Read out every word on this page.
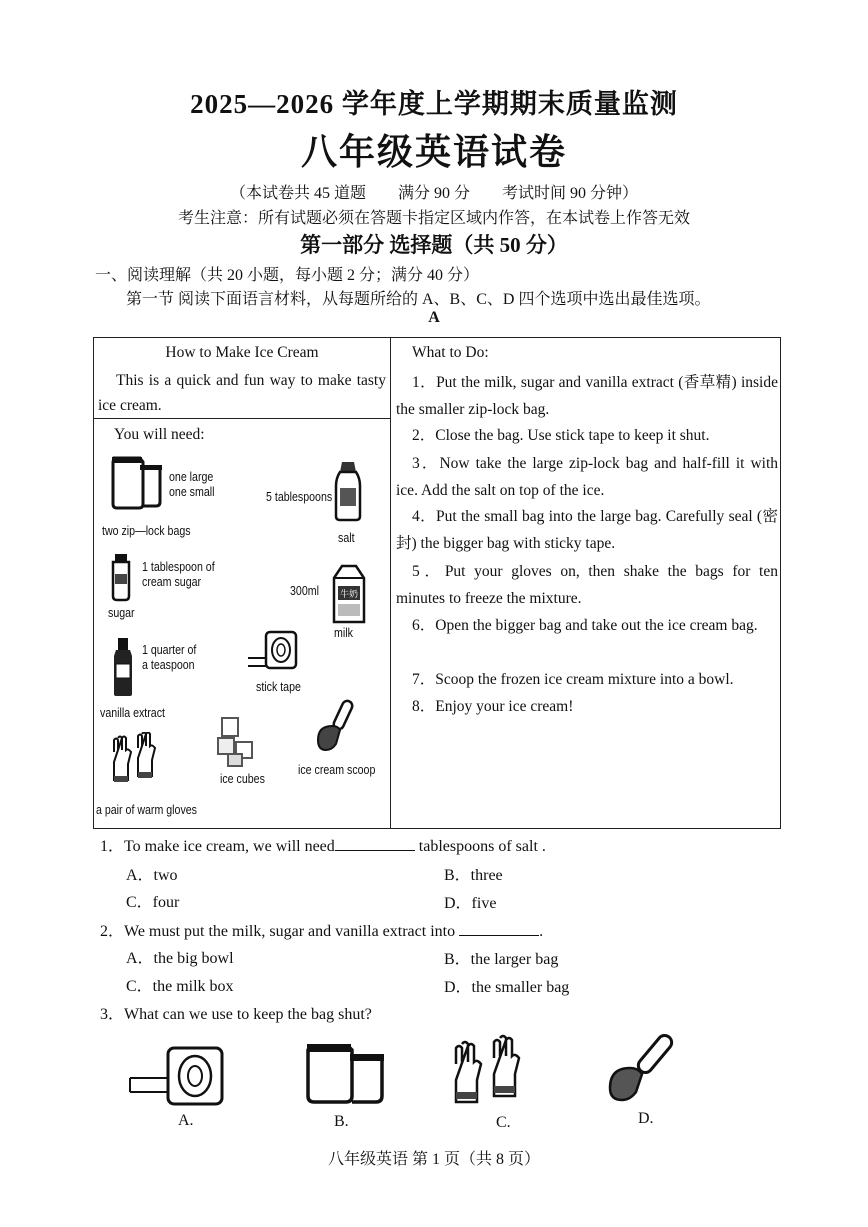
2025—2026 学年度上学期期末质量监测
八年级英语试卷
（本试卷共 45 道题 满分 90 分 考试时间 90 分钟）
考生注意：所有试题必须在答题卡指定区域内作答，在本试卷上作答无效
第一部分 选择题（共 50 分）
一、阅读理解（共 20 小题，每小题 2 分；满分 40 分）
第一节 阅读下面语言材料，从每题所给的 A、B、C、D 四个选项中选出最佳选项。
A
How to Make Ice Cream
This is a quick and fun way to make tasty ice cream.
You will need:
one large
one small
two zip—lock bags
5 tablespoons
salt
1 tablespoon of
cream sugar
sugar
牛奶
300ml
milk
1 quarter of
a teaspoon
vanilla extract
stick tape
a pair of warm gloves
ice cubes
ice cream scoop
What to Do:
1．Put the milk, sugar and vanilla extract (香草精) inside the smaller zip-lock bag.
2．Close the bag. Use stick tape to keep it shut.
3．Now take the large zip-lock bag and half-fill it with ice. Add the salt on top of the ice.
4．Put the small bag into the large bag. Carefully seal (密封) the bigger bag with sticky tape.
5．Put your gloves on, then shake the bags for ten minutes to freeze the mixture.
6．Open the bigger bag and take out the ice cream bag.
7．Scoop the frozen ice cream mixture into a bowl.
8．Enjoy your ice cream!
1．To make ice cream, we will need	tablespoons of salt .
A．two	B．three
C．four	D．five
2．We must put the milk, sugar and vanilla extract into	.
A．the big bowl	B．the larger bag
C．the milk box	D．the smaller bag
3．What can we use to keep the bag shut?
A.	B.	C.	D.
八年级英语 第 1 页（共 8 页）
